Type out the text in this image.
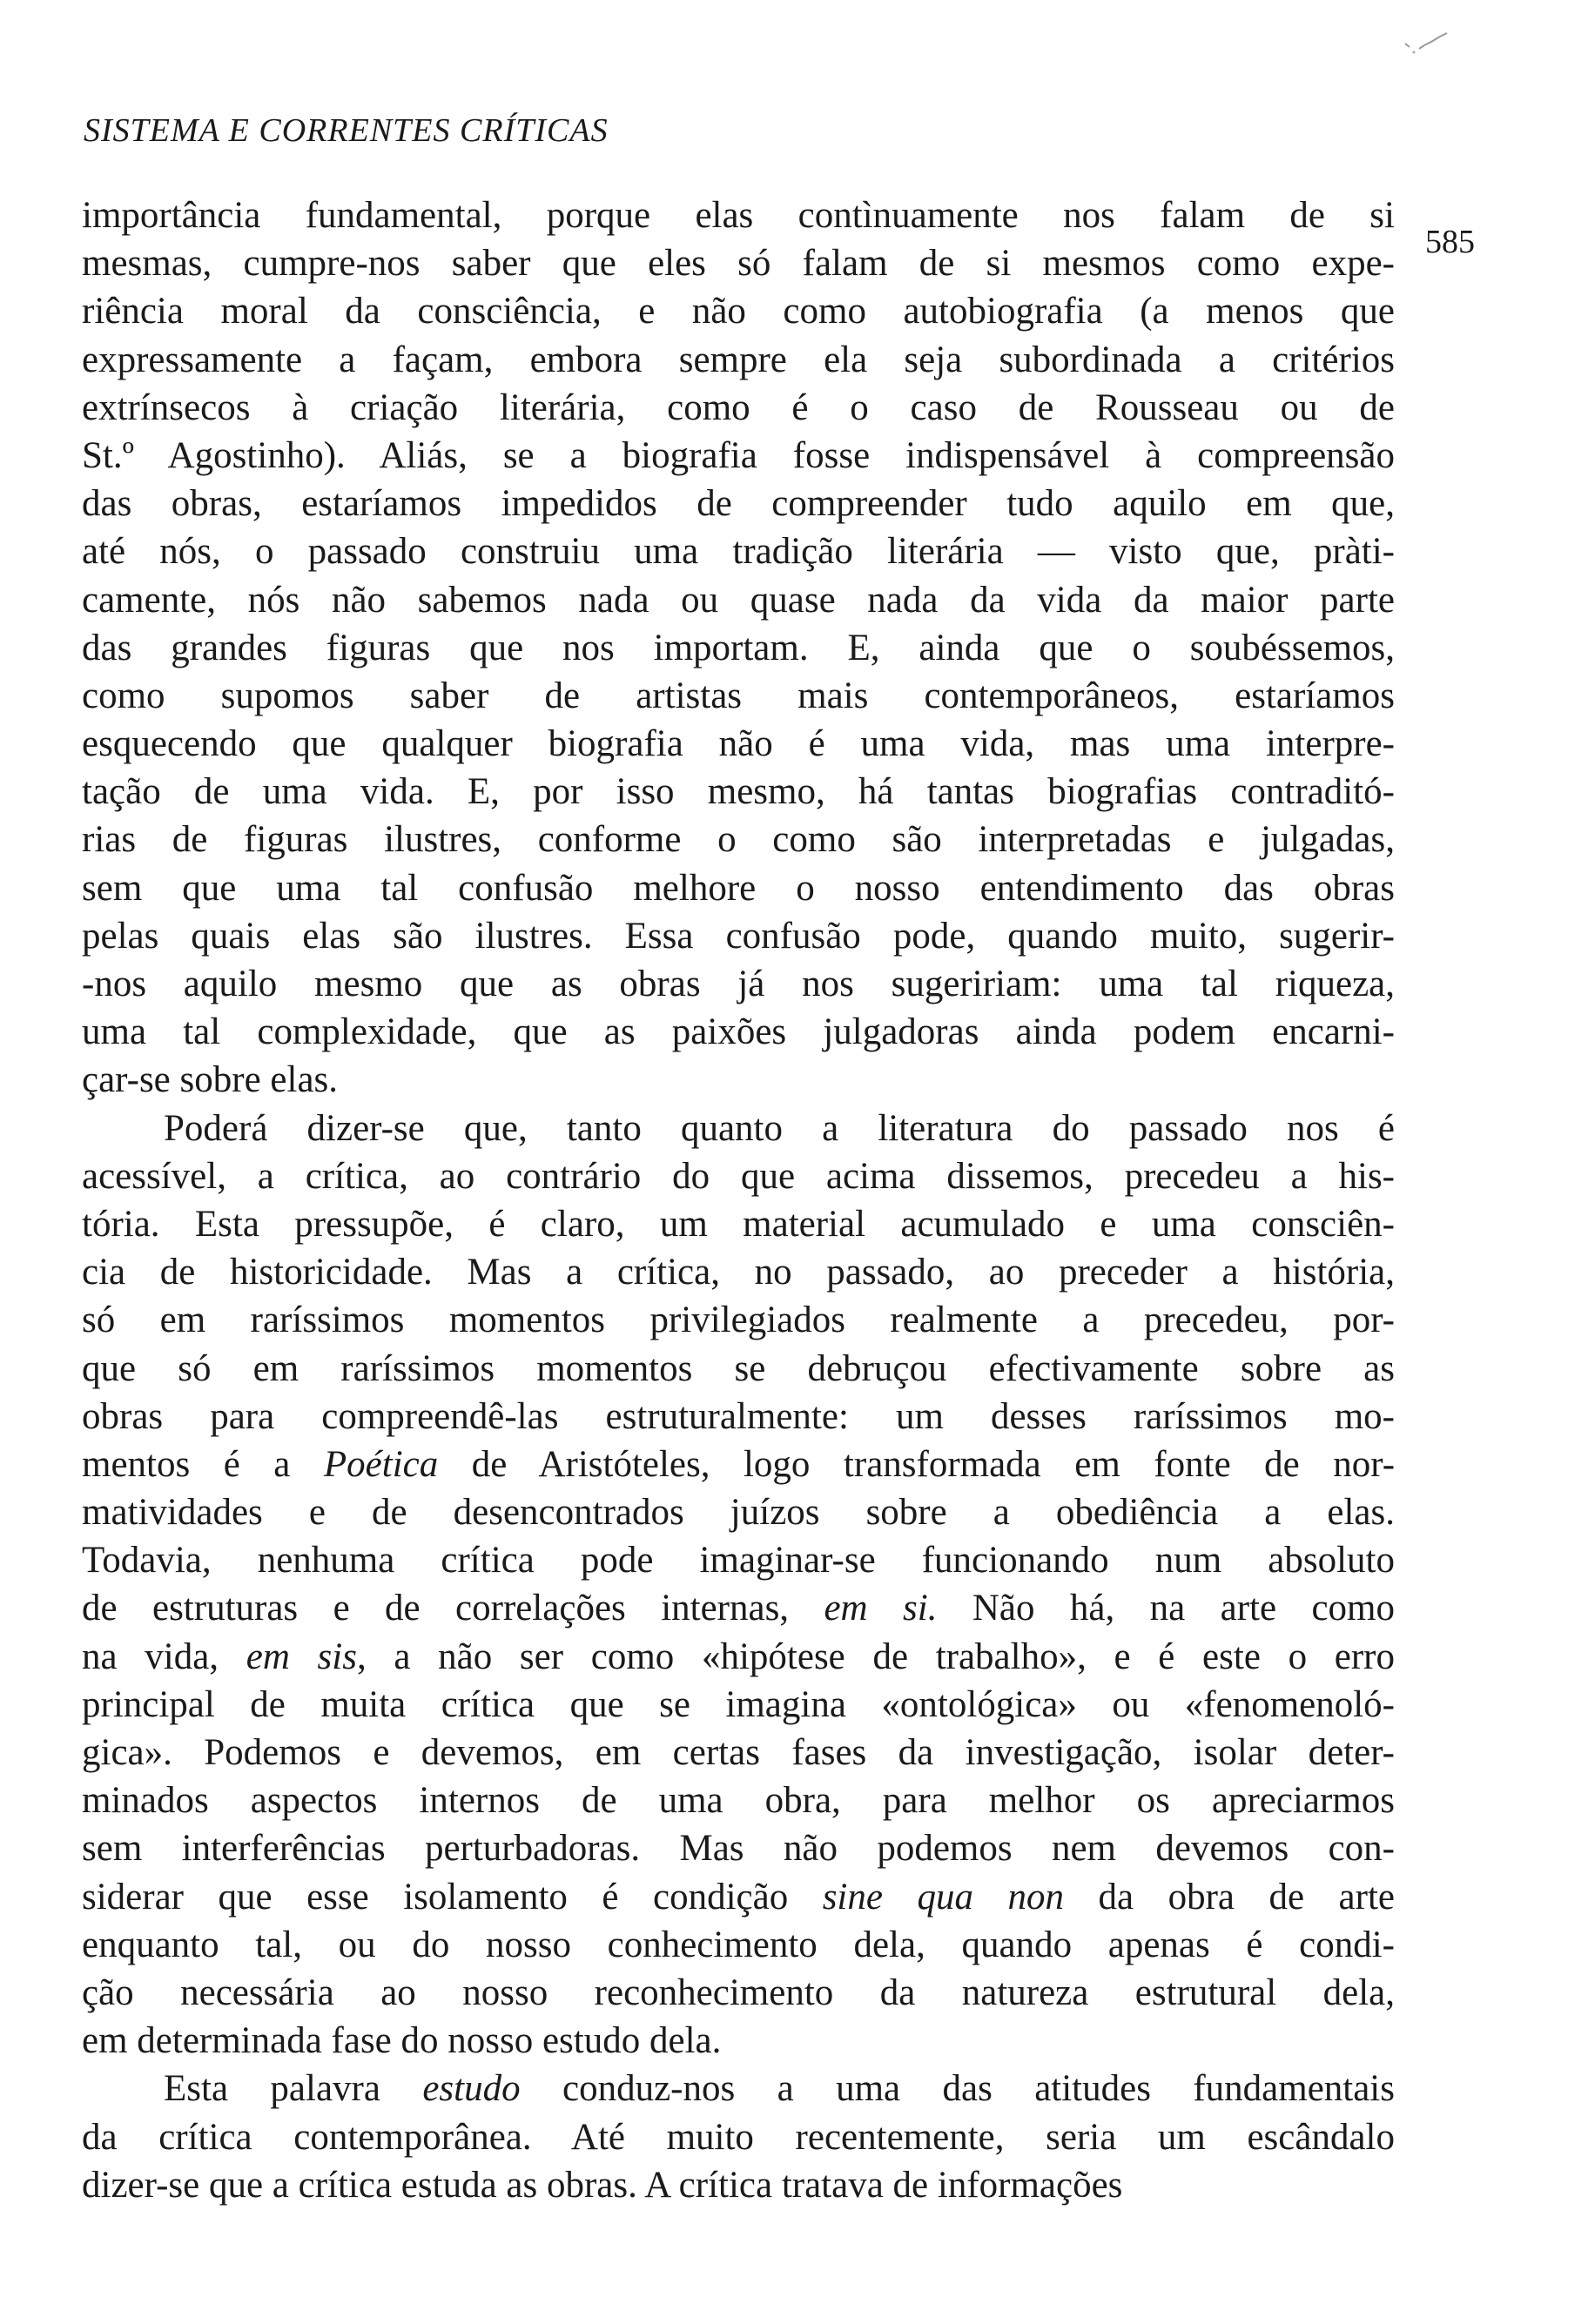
SISTEMA E CORRENTES CRÍTICAS
585
importância fundamental, porque elas contìnuamente nos falam de si
mesmas, cumpre-nos saber que eles só falam de si mesmos como expe-
riência moral da consciência, e não como autobiografia (a menos que
expressamente a façam, embora sempre ela seja subordinada a critérios
extrínsecos à criação literária, como é o caso de Rousseau ou de
St.º Agostinho). Aliás, se a biografia fosse indispensável à compreensão
das obras, estaríamos impedidos de compreender tudo aquilo em que,
até nós, o passado construiu uma tradição literária — visto que, pràti-
camente, nós não sabemos nada ou quase nada da vida da maior parte
das grandes figuras que nos importam. E, ainda que o soubéssemos,
como supomos saber de artistas mais contemporâneos, estaríamos
esquecendo que qualquer biografia não é uma vida, mas uma interpre-
tação de uma vida. E, por isso mesmo, há tantas biografias contraditó-
rias de figuras ilustres, conforme o como são interpretadas e julgadas,
sem que uma tal confusão melhore o nosso entendimento das obras
pelas quais elas são ilustres. Essa confusão pode, quando muito, sugerir-
-nos aquilo mesmo que as obras já nos sugeririam: uma tal riqueza,
uma tal complexidade, que as paixões julgadoras ainda podem encarni-
çar-se sobre elas.
Poderá dizer-se que, tanto quanto a literatura do passado nos é
acessível, a crítica, ao contrário do que acima dissemos, precedeu a his-
tória. Esta pressupõe, é claro, um material acumulado e uma consciên-
cia de historicidade. Mas a crítica, no passado, ao preceder a história,
só em raríssimos momentos privilegiados realmente a precedeu, por-
que só em raríssimos momentos se debruçou efectivamente sobre as
obras para compreendê-las estruturalmente: um desses raríssimos mo-
mentos é a Poética de Aristóteles, logo transformada em fonte de nor-
matividades e de desencontrados juízos sobre a obediência a elas.
Todavia, nenhuma crítica pode imaginar-se funcionando num absoluto
de estruturas e de correlações internas, em si. Não há, na arte como
na vida, em sis, a não ser como «hipótese de trabalho», e é este o erro
principal de muita crítica que se imagina «ontológica» ou «fenomenoló-
gica». Podemos e devemos, em certas fases da investigação, isolar deter-
minados aspectos internos de uma obra, para melhor os apreciarmos
sem interferências perturbadoras. Mas não podemos nem devemos con-
siderar que esse isolamento é condição sine qua non da obra de arte
enquanto tal, ou do nosso conhecimento dela, quando apenas é condi-
ção necessária ao nosso reconhecimento da natureza estrutural dela,
em determinada fase do nosso estudo dela.
Esta palavra estudo conduz-nos a uma das atitudes fundamentais
da crítica contemporânea. Até muito recentemente, seria um escândalo
dizer-se que a crítica estuda as obras. A crítica tratava de informações
